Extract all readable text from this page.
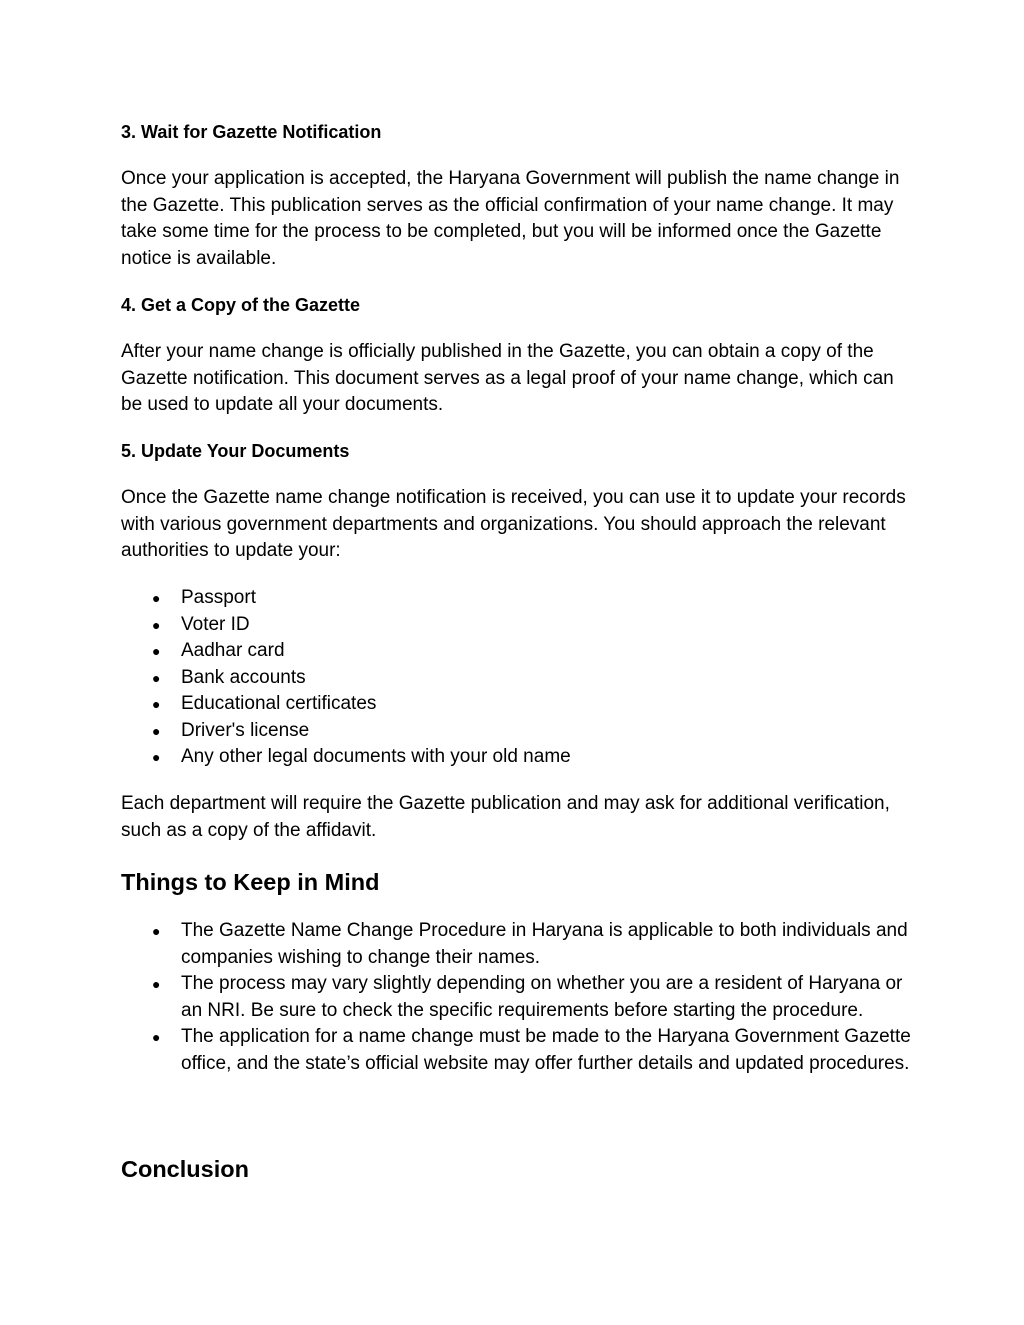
3. Wait for Gazette Notification

Once your application is accepted, the Haryana Government will publish the name change in the Gazette. This publication serves as the official confirmation of your name change. It may take some time for the process to be completed, but you will be informed once the Gazette notice is available.

4. Get a Copy of the Gazette

After your name change is officially published in the Gazette, you can obtain a copy of the Gazette notification. This document serves as a legal proof of your name change, which can be used to update all your documents.

5. Update Your Documents

Once the Gazette name change notification is received, you can use it to update your records with various government departments and organizations. You should approach the relevant authorities to update your:

● Passport
● Voter ID
● Aadhar card
● Bank accounts
● Educational certificates
● Driver's license
● Any other legal documents with your old name

Each department will require the Gazette publication and may ask for additional verification, such as a copy of the affidavit.

Things to Keep in Mind
● The Gazette Name Change Procedure in Haryana is applicable to both individuals and companies wishing to change their names.
● The process may vary slightly depending on whether you are a resident of Haryana or an NRI. Be sure to check the specific requirements before starting the procedure.
● The application for a name change must be made to the Haryana Government Gazette office, and the state’s official website may offer further details and updated procedures.
Conclusion
